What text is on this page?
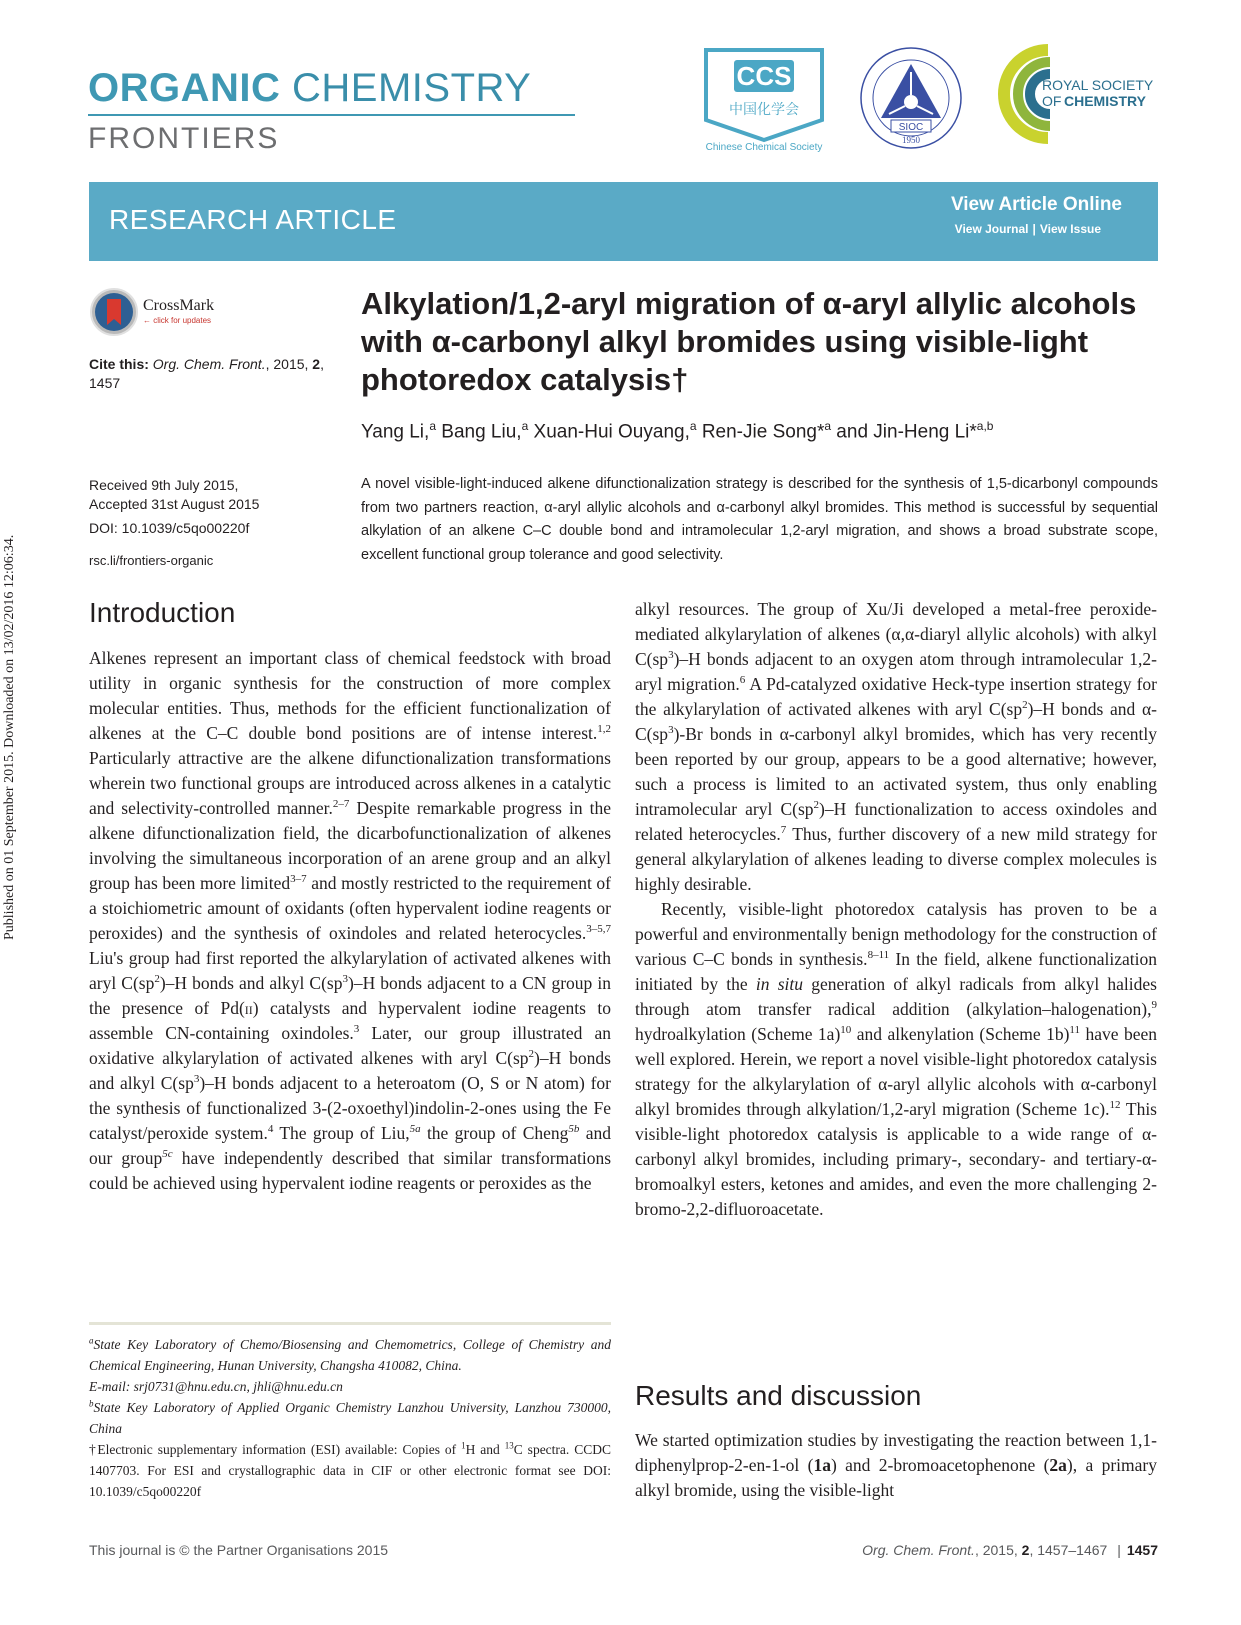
Published on 01 September 2015. Downloaded on 13/02/2016 12:06:34.
ORGANIC CHEMISTRY
FRONTIERS
CCS
中国化学会
Chinese Chemical Society
SIOC
1950
ROYAL SOCIETY
OF CHEMISTRY
RESEARCH ARTICLE	View Article Online
View Journal | View Issue
CrossMark
← click for updates
Cite this: Org. Chem. Front., 2015, 2, 1457
Received 9th July 2015,
Accepted 31st August 2015
DOI: 10.1039/c5qo00220f
rsc.li/frontiers-organic
Alkylation/1,2-aryl migration of α-aryl allylic alcohols with α-carbonyl alkyl bromides using visible-light photoredox catalysis†
Yang Li,$^a$ Bang Liu,$^a$ Xuan-Hui Ouyang,$^a$ Ren-Jie Song*$^a$ and Jin-Heng Li*$^{a,b}$
A novel visible-light-induced alkene difunctionalization strategy is described for the synthesis of 1,5-dicarbonyl compounds from two partners reaction, α-aryl allylic alcohols and α-carbonyl alkyl bromides. This method is successful by sequential alkylation of an alkene C–C double bond and intramolecular 1,2-aryl migration, and shows a broad substrate scope, excellent functional group tolerance and good selectivity.
Introduction

Alkenes represent an important class of chemical feedstock with broad utility in organic synthesis for the construction of more complex molecular entities. Thus, methods for the efficient functionalization of alkenes at the C–C double bond positions are of intense interest.$^{1,2}$ Particularly attractive are the alkene difunctionalization transformations wherein two functional groups are introduced across alkenes in a catalytic and selectivity-controlled manner.$^{2-7}$ Despite remarkable progress in the alkene difunctionalization field, the dicarbofunctionalization of alkenes involving the simultaneous incorporation of an arene group and an alkyl group has been more limited$^{3-7}$ and mostly restricted to the requirement of a stoichiometric amount of oxidants (often hypervalent iodine reagents or peroxides) and the synthesis of oxindoles and related heterocycles.$^{3-5,7}$ Liu's group had first reported the alkylarylation of activated alkenes with aryl $C(sp^2)-H$ bonds and alkyl $C(sp^3)-H$ bonds adjacent to a CN group in the presence of Pd(ii) catalysts and hypervalent iodine reagents to assemble CN-containing oxindoles.$^3$ Later, our group illustrated an oxidative alkylarylation of activated alkenes with aryl $C(sp^2)-H$ bonds and alkyl $C(sp^3)-H$ bonds adjacent to a heteroatom (O, S or N atom) for the synthesis of functionalized 3-(2-oxoethyl)indolin-2-ones using the Fe catalyst/peroxide system.$^4$ The group of Liu,$^{5a}$ the group of Cheng$^{5b}$ and our group$^{5c}$ have independently described that similar transformations could be achieved using hypervalent iodine reagents or peroxides as the

alkyl resources. The group of Xu/Ji developed a metal-free peroxide-mediated alkylarylation of alkenes (α,α-diaryl allylic alcohols) with alkyl $C(sp^3)-H$ bonds adjacent to an oxygen atom through intramolecular 1,2-aryl migration.$^6$ A Pd-catalyzed oxidative Heck-type insertion strategy for the alkylarylation of activated alkenes with aryl $C(sp^2)-H$ bonds and $\alpha-C(sp^3)-Br$ bonds in α-carbonyl alkyl bromides, which has very recently been reported by our group, appears to be a good alternative; however, such a process is limited to an activated system, thus only enabling intramolecular aryl $C(sp^2)-H$ functionalization to access oxindoles and related heterocycles.$^7$ Thus, further discovery of a new mild strategy for general alkylarylation of alkenes leading to diverse complex molecules is highly desirable.

Recently, visible-light photoredox catalysis has proven to be a powerful and environmentally benign methodology for the construction of various C–C bonds in synthesis.$^{8-11}$ In the field, alkene functionalization initiated by the in situ generation of alkyl radicals from alkyl halides through atom transfer radical addition (alkylation–halogenation),$^9$ hydroalkylation (Scheme 1a)$^{10}$ and alkenylation (Scheme 1b)$^{11}$ have been well explored. Herein, we report a novel visible-light photoredox catalysis strategy for the alkylarylation of α-aryl allylic alcohols with α-carbonyl alkyl bromides through alkylation/1,2-aryl migration (Scheme 1c).$^{12}$ This visible-light photoredox catalysis is applicable to a wide range of α-carbonyl alkyl bromides, including primary-, secondary- and tertiary-α-bromoalkyl esters, ketones and amides, and even the more challenging 2-bromo-2,2-difluoroacetate.

Results and discussion

We started optimization studies by investigating the reaction between 1,1-diphenylprop-2-en-1-ol (1a) and 2-bromoacetophenone (2a), a primary alkyl bromide, using the visible-light

$^a$State Key Laboratory of Chemo/Biosensing and Chemometrics, College of Chemistry and Chemical Engineering, Hunan University, Changsha 410082, China.

E-mail: srj0731@hnu.edu.cn, jhli@hnu.edu.cn

$^b$State Key Laboratory of Applied Organic Chemistry Lanzhou University, Lanzhou 730000, China

†Electronic supplementary information (ESI) available: Copies of $^1$H and $^{13}$C spectra. CCDC 1407703. For ESI and crystallographic data in CIF or other electronic format see DOI: 10.1039/c5qo00220f

This journal is © the Partner Organisations 2015	Org. Chem. Front., 2015, 2, 1457–1467 | 1457
